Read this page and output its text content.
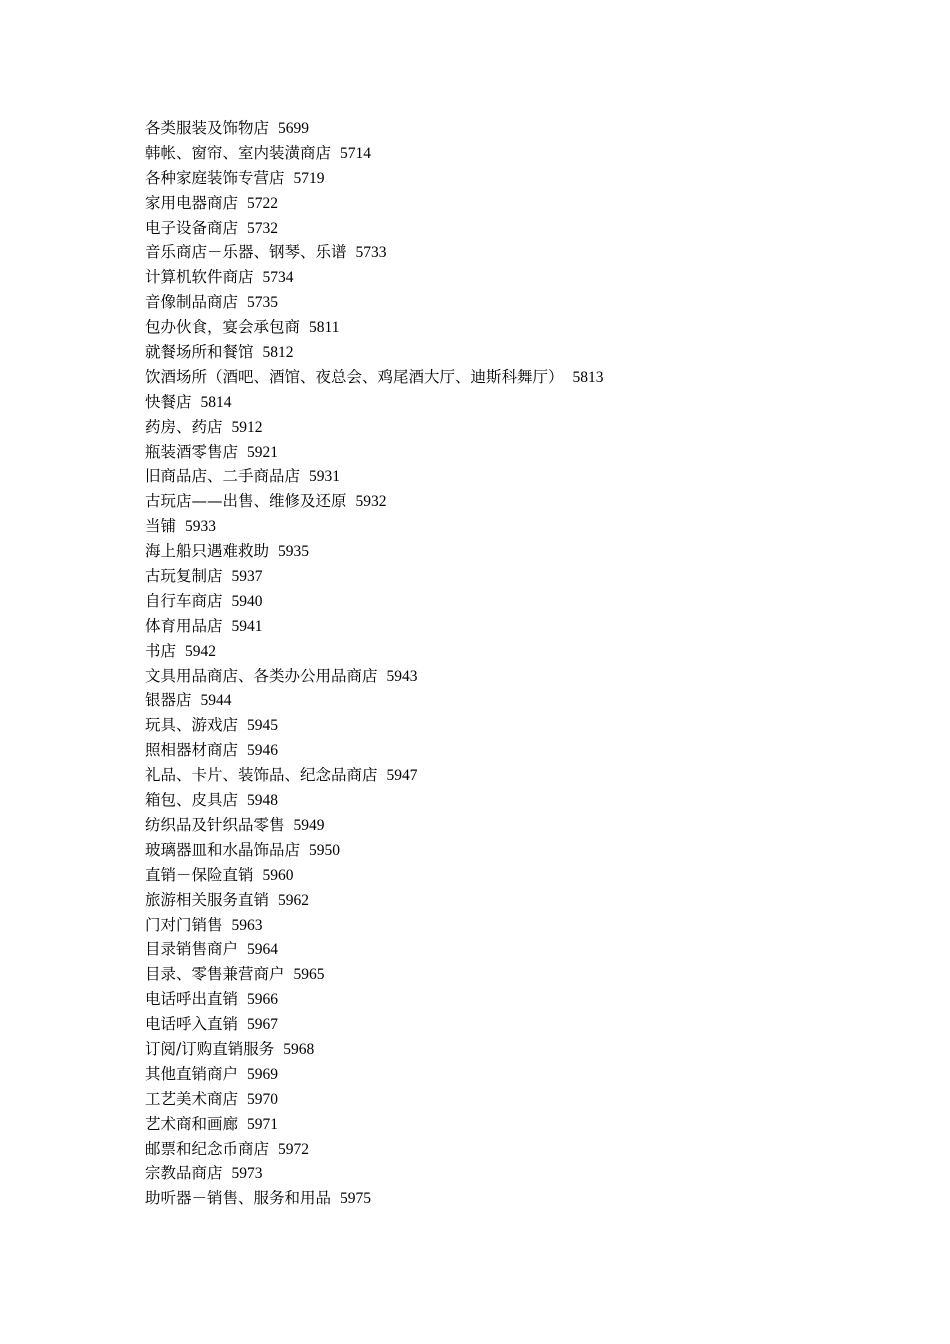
各类服装及饰物店 5699
韩帐、窗帘、室内装潢商店 5714
各种家庭装饰专营店 5719
家用电器商店 5722
电子设备商店 5732
音乐商店－乐器、钢琴、乐谱 5733
计算机软件商店 5734
音像制品商店 5735
包办伙食，宴会承包商 5811
就餐场所和餐馆 5812
饮酒场所（酒吧、酒馆、夜总会、鸡尾酒大厅、迪斯科舞厅） 5813
快餐店 5814
药房、药店 5912
瓶装酒零售店 5921
旧商品店、二手商品店 5931
古玩店——出售、维修及还原 5932
当铺 5933
海上船只遇难救助 5935
古玩复制店 5937
自行车商店 5940
体育用品店 5941
书店 5942
文具用品商店、各类办公用品商店 5943
银器店 5944
玩具、游戏店 5945
照相器材商店 5946
礼品、卡片、装饰品、纪念品商店 5947
箱包、皮具店 5948
纺织品及针织品零售 5949
玻璃器皿和水晶饰品店 5950
直销－保险直销 5960
旅游相关服务直销 5962
门对门销售 5963
目录销售商户 5964
目录、零售兼营商户 5965
电话呼出直销 5966
电话呼入直销 5967
订阅/订购直销服务 5968
其他直销商户 5969
工艺美术商店 5970
艺术商和画廊 5971
邮票和纪念币商店 5972
宗教品商店 5973
助听器－销售、服务和用品 5975
